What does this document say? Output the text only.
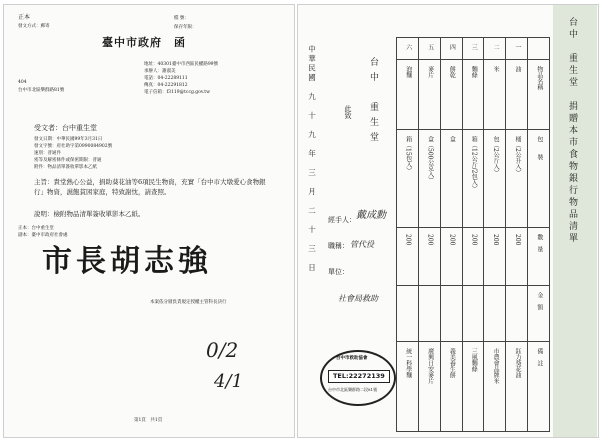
正本
發文方式：郵寄
檔 號：
保存年限：
臺中市政府　函
地址：40301臺中市西區民權路99號
承辦人：謝淑美
電話：04-22289111
傳真：04-22291812
電子信箱：f3119@tccg.gov.tw
404
台中市北區樂群路81號
受文者：台中重生堂
發文日期：中華民國99年3月31日
發文字號：府社助字第0990084902號
速別：普通件
密等及解密條件或保密期限：普通
附件：物品清單簽收單影本乙紙
主旨：貴堂熱心公益，捐助葵花油等6項民生物資，充實「台中市大墩愛心食物銀行」物資，濕飽貧困家庭，特致謝忱，請查照。
說明：檢附物品清單簽收單影本乙紙。
正本：台中重生堂
副本：臺中市政府社會處
市長胡志強
本案依分層負責規定授權主管科長決行
0/2
4/1
第1頁　共1頁
台中　重生堂　捐贈本市食物銀行物品清單
六	五	四	三	二	一	

泡麵	麥片	餅乾	麵條	米	油	物品名稱

箱（15包入）	盒（500公克入）	盒	箱（12公斤/2包入）	包（2公斤入）	桶（2公升入）	包　　裝

200	200	200	200	200	200	數　量

						金　額

統一科學麵	廣興日安麥片	義美養生餅	三風麵條	市農會品牌米	鈺力葵花油	備　註
中華民國　九　十　九　年　三　月　二　十　三　日	台中　重生堂
此致
經手人： 戴成勳
職稱： 管代役
單位：
社會局救助
台中市救助協會
TEL:22272139
台中市北區樂群路二段81號
